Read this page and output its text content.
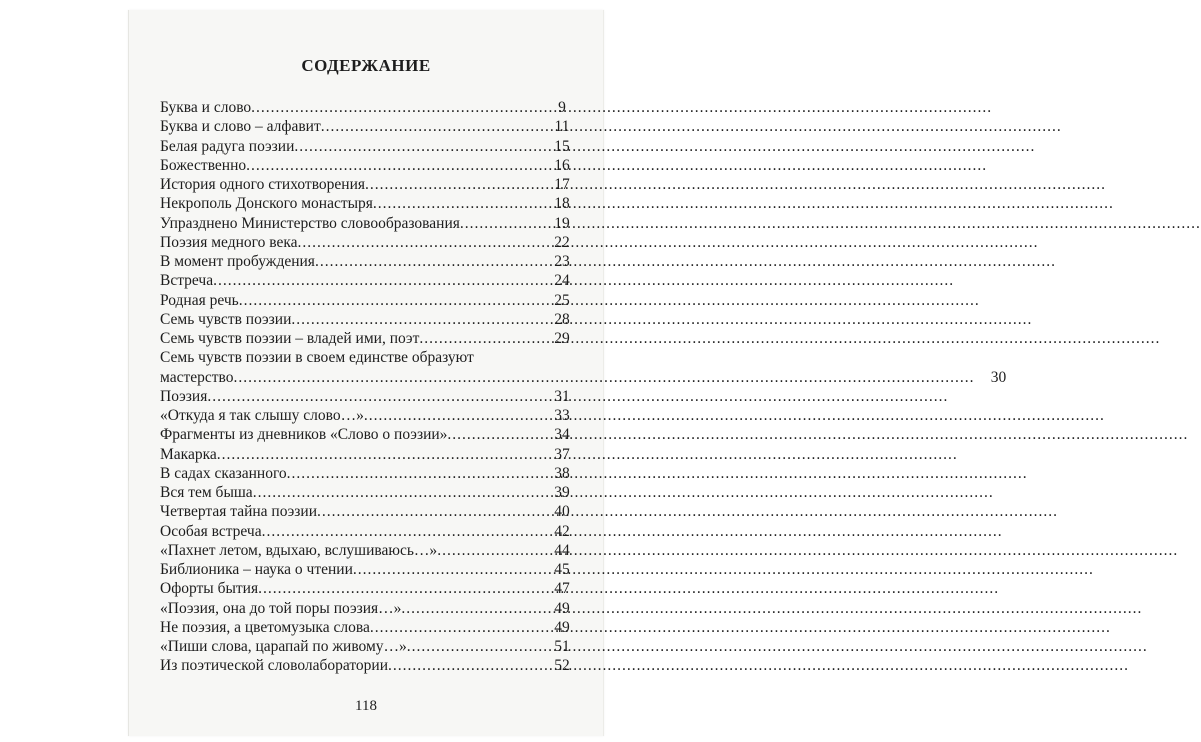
СОДЕРЖАНИЕ
Буква и слово .....	9
Буква и слово – алфавит .....	11
Белая радуга поэзии .....	15
Божественно .....	16
История одного стихотворения .....	17
Некрополь Донского монастыря .....	18
Упразднено Министерство словообразования .....	19
Поэзия медного века .....	22
В момент пробуждения .....	23
Встреча .....	24
Родная речь .....	25
Семь чувств поэзии .....	28
Семь чувств поэзии – владей ими, поэт .....	29
Семь чувств поэзии в своем единстве образуют
мастерство .....	30
Поэзия .....	31
«Откуда я так слышу слово…» .....	33
Фрагменты из дневников «Слово о поэзии» .....	34
Макарка .....	37
В садах сказанного .....	38
Вся тем быша .....	39
Четвертая тайна поэзии .....	40
Особая встреча .....	42
«Пахнет летом, вдыхаю, вслушиваюсь…» .....	44
Библионика – наука о чтении .....	45
Офорты бытия .....	47
«Поэзия, она до той поры поэзия…» .....	49
Не поэзия, а цветомузыка слова .....	49
«Пиши слова, царапай по живому…» .....	51
Из поэтической словолаборатории .....	52
118
